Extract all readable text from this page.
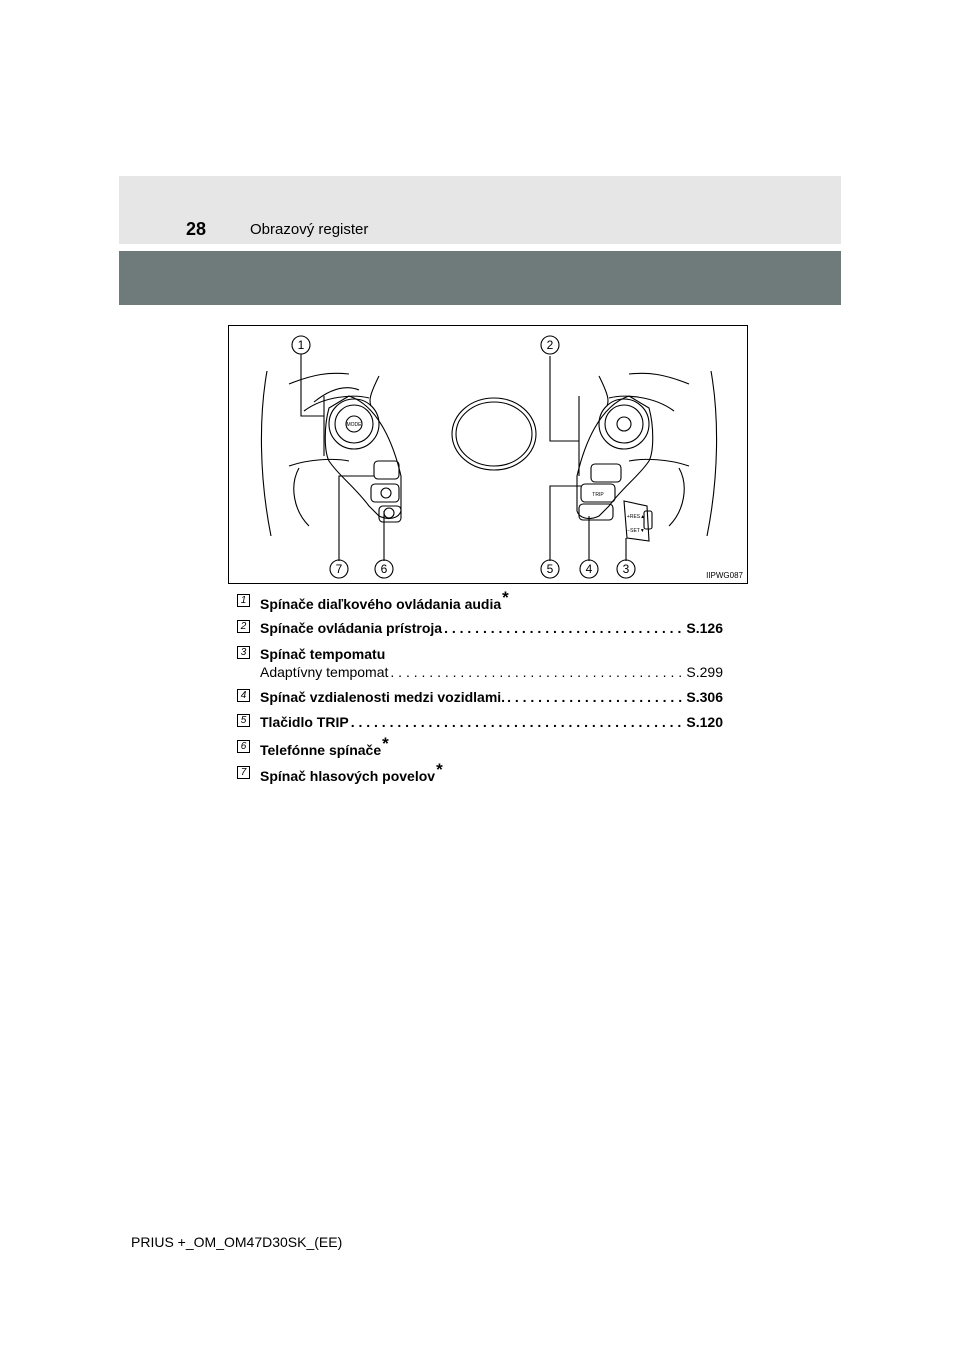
28	Obrazový register
1	2
7	6	5	4	3
MODE
TRIP
+RES▲
−SET▼
IIPWG087
1 Spínače diaľkového ovládania audia *
2 Spínače ovládania prístroja . . .	S.126
3 Spínač tempomatu
Adaptívny tempomat . . .	S.299
4 Spínač vzdialenosti medzi vozidlami. . . .	S.306
5 Tlačidlo TRIP . . .	S.120
6 Telefónne spínače *
7 Spínač hlasových povelov *
PRIUS +_OM_OM47D30SK_(EE)
